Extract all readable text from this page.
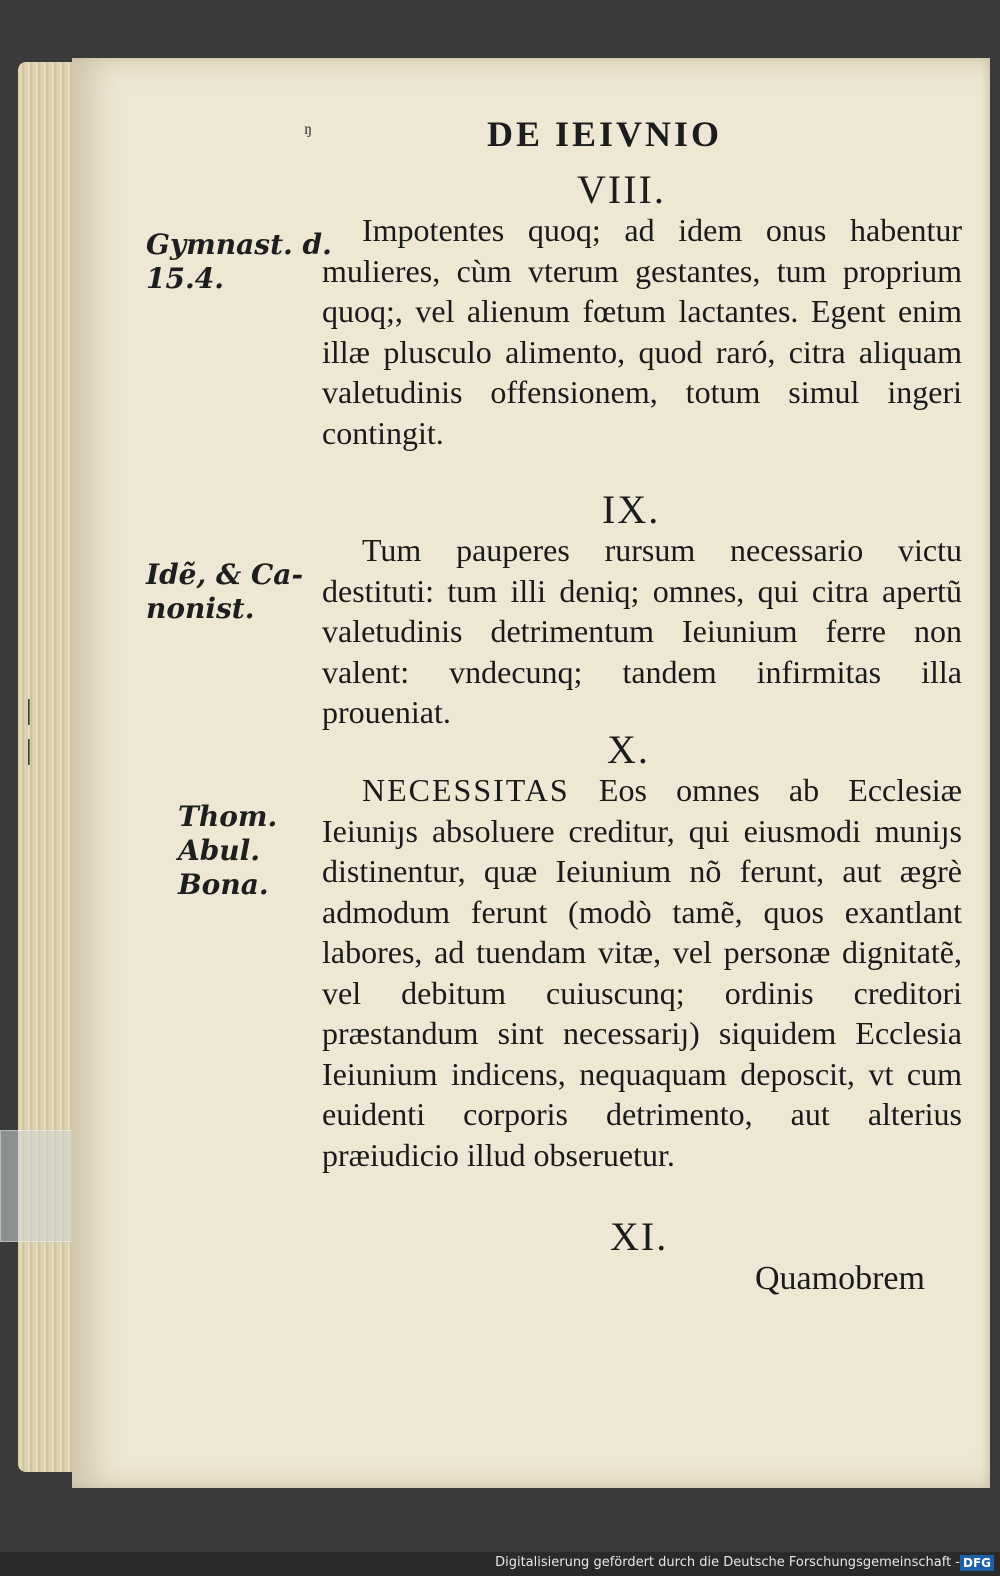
|
|
ᵑ	DE IEIVNIO
VIII.
Gymnast. d.
15.4.

Impotentes quoq; ad idem onus habentur mulieres, cùm vterum gestantes, tum proprium quoq;, vel alienum fœtum lactantes. Egent enim illæ plusculo alimento, quod raró, citra aliquam valetudinis offensionem, totum simul ingeri contingit.

IX.
Idẽ, & Ca-
nonist.

Tum pauperes rursum necessario victu destituti: tum illi deniq; omnes, qui citra apertũ valetudinis detrimentum Ieiunium ferre non valent: vndecunq; tandem infirmitas illa proueniat.

X.
Thom.
Abul.
Bona.

NECESSITAS Eos omnes ab Ecclesiæ Ieiuniȷs absoluere creditur, qui eiusmodi muniȷs distinentur, quæ Ieiunium nõ ferunt, aut ægrè admodum ferunt (modò tamẽ, quos exantlant labores, ad tuendam vitæ, vel personæ dignitatẽ, vel debitum cuiuscunq; ordinis creditori præstandum sint necessariȷ) siquidem Ecclesia Ieiunium indicens, nequaquam deposcit, vt cum euidenti corporis detrimento, aut alterius præiudicio illud obseruetur.

XI.
Quamobrem
Digitalisierung gefördert durch die Deutsche Forschungsgemeinschaft - DFG
